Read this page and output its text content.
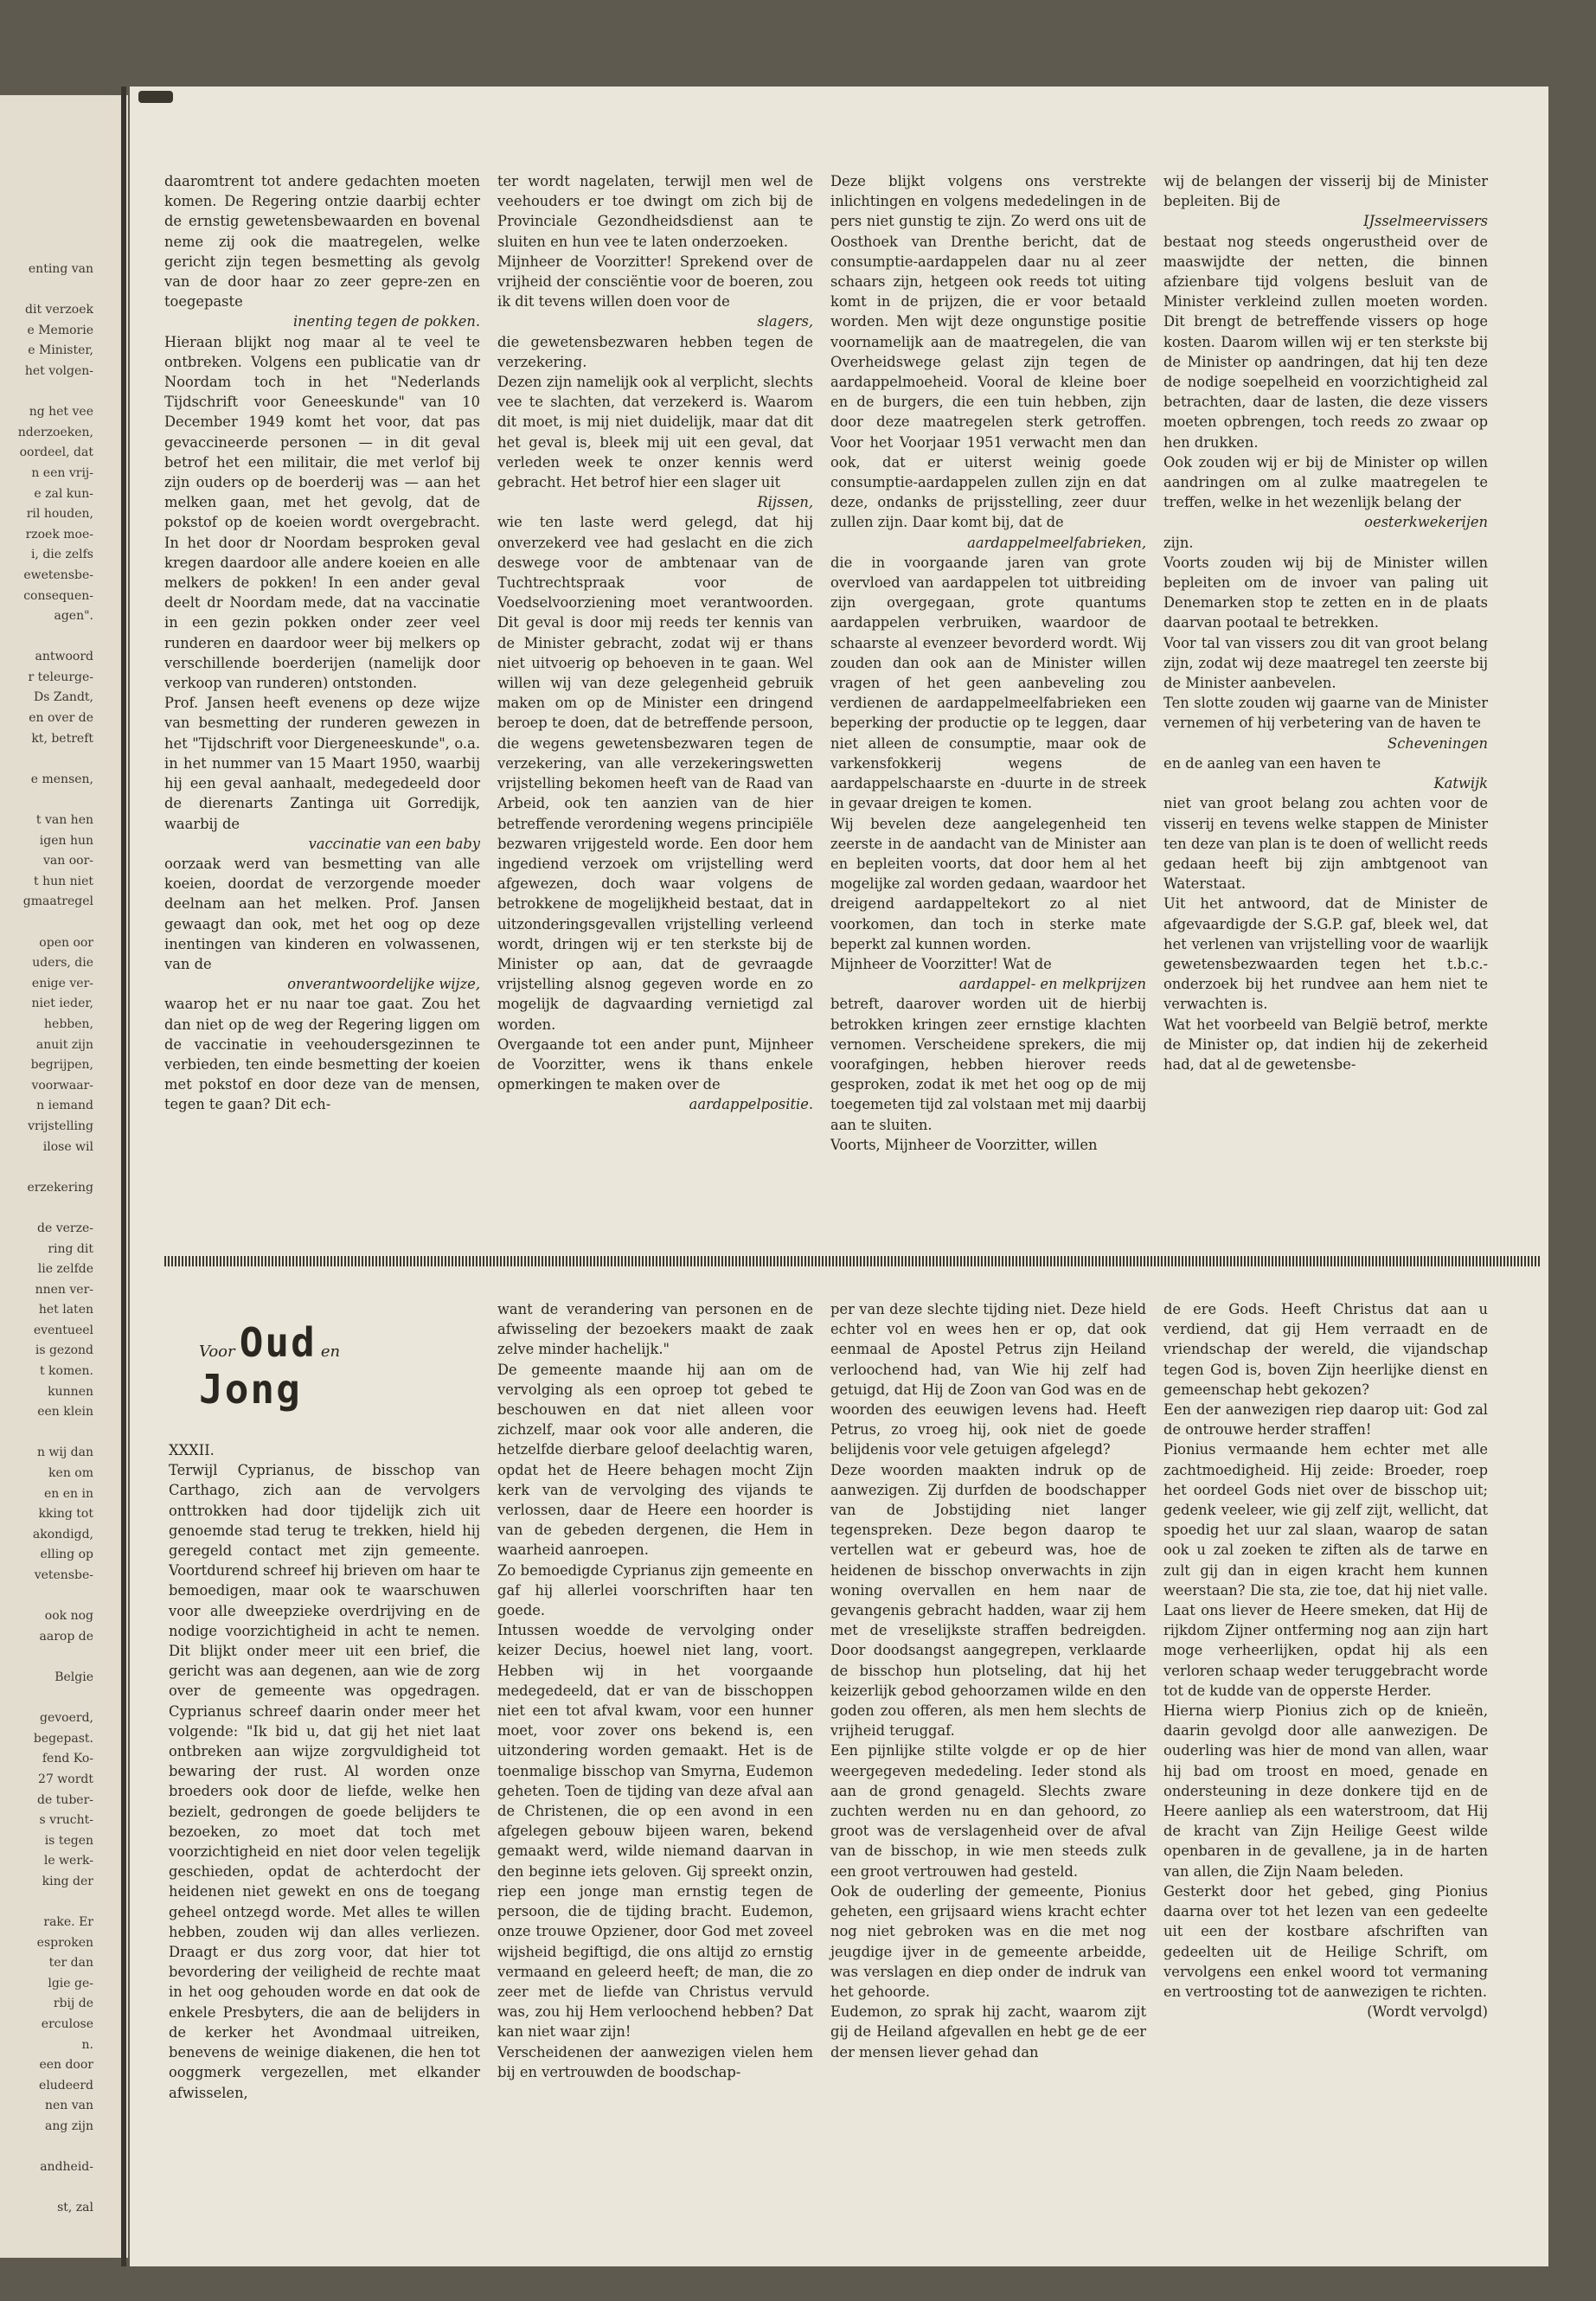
enting van
dit verzoek
e Memorie
e Minister,
het volgen-
ng het vee
nderzoeken,
oordeel, dat
n een vrij-
e zal kun-
ril houden,
rzoek moe-
i, die zelfs
ewetensbe-
consequen-
agen".
antwoord
r teleurge-
Ds Zandt,
en over de
kt, betreft
e mensen,
t van hen
igen hun
van oor-
t hun niet
gmaatregel
open oor
uders, die
enige ver-
niet ieder,
hebben,
anuit zijn
begrijpen,
voorwaar-
n iemand
vrijstelling
ilose wil
erzekering
de verze-
ring dit
lie zelfde
nnen ver-
het laten
eventueel
is gezond
t komen.
kunnen
een klein
n wij dan
ken om
en en in
kking tot
akondigd,
elling op
vetensbe-
ook nog
aarop de
Belgie
gevoerd,
begepast.
fend Ko-
27 wordt
de tuber-
s vrucht-
is tegen
le werk-
king der
rake. Er
esproken
ter dan
lgie ge-
rbij de
erculose
n.
een door
eludeerd
nen van
ang zijn
andheid-
st, zal

daaromtrent tot andere gedachten moeten komen. De Regering ontzie daarbij echter de ernstig gewetensbewaarden en bovenal neme zij ook die maatregelen, welke gericht zijn tegen besmetting als gevolg van de door haar zo zeer gepre-zen en toegepaste

inenting tegen de pokken.

Hieraan blijkt nog maar al te veel te ontbreken. Volgens een publicatie van dr Noordam toch in het "Nederlands Tijdschrift voor Geneeskunde" van 10 December 1949 komt het voor, dat pas gevaccineerde personen — in dit geval betrof het een militair, die met verlof bij zijn ouders op de boerderij was — aan het melken gaan, met het gevolg, dat de pokstof op de koeien wordt overgebracht. In het door dr Noordam besproken geval kregen daardoor alle andere koeien en alle melkers de pokken! In een ander geval deelt dr Noordam mede, dat na vaccinatie in een gezin pokken onder zeer veel runderen en daardoor weer bij melkers op verschillende boerderijen (namelijk door verkoop van runderen) ontstonden.

Prof. Jansen heeft evenens op deze wijze van besmetting der runderen gewezen in het "Tijdschrift voor Diergeneeskunde", o.a. in het nummer van 15 Maart 1950, waarbij hij een geval aanhaalt, medegedeeld door de dierenarts Zantinga uit Gorredijk, waarbij de

vaccinatie van een baby

oorzaak werd van besmetting van alle koeien, doordat de verzorgende moeder deelnam aan het melken. Prof. Jansen gewaagt dan ook, met het oog op deze inentingen van kinderen en volwassenen, van de

onverantwoordelijke wijze,

waarop het er nu naar toe gaat. Zou het dan niet op de weg der Regering liggen om de vaccinatie in veehoudersgezinnen te verbieden, ten einde besmetting der koeien met pokstof en door deze van de mensen, tegen te gaan? Dit ech-

ter wordt nagelaten, terwijl men wel de veehouders er toe dwingt om zich bij de Provinciale Gezondheidsdienst aan te sluiten en hun vee te laten onderzoeken.

Mijnheer de Voorzitter! Sprekend over de vrijheid der consciëntie voor de boeren, zou ik dit tevens willen doen voor de

slagers,

die gewetensbezwaren hebben tegen de verzekering.

Dezen zijn namelijk ook al verplicht, slechts vee te slachten, dat verzekerd is. Waarom dit moet, is mij niet duidelijk, maar dat dit het geval is, bleek mij uit een geval, dat verleden week te onzer kennis werd gebracht. Het betrof hier een slager uit

Rijssen,

wie ten laste werd gelegd, dat hij onverzekerd vee had geslacht en die zich deswege voor de ambtenaar van de Tuchtrechtspraak voor de Voedselvoorziening moet verantwoorden. Dit geval is door mij reeds ter kennis van de Minister gebracht, zodat wij er thans niet uitvoerig op behoeven in te gaan. Wel willen wij van deze gelegenheid gebruik maken om op de Minister een dringend beroep te doen, dat de betreffende persoon, die wegens gewetensbezwaren tegen de verzekering, van alle verzekeringswetten vrijstelling bekomen heeft van de Raad van Arbeid, ook ten aanzien van de hier betreffende verordening wegens principiële bezwaren vrijgesteld worde. Een door hem ingediend verzoek om vrijstelling werd afgewezen, doch waar volgens de betrokkene de mogelijkheid bestaat, dat in uitzonderingsgevallen vrijstelling verleend wordt, dringen wij er ten sterkste bij de Minister op aan, dat de gevraagde vrijstelling alsnog gegeven worde en zo mogelijk de dagvaarding vernietigd zal worden.

Overgaande tot een ander punt, Mijnheer de Voorzitter, wens ik thans enkele opmerkingen te maken over de

aardappelpositie.

Deze blijkt volgens ons verstrekte inlichtingen en volgens mededelingen in de pers niet gunstig te zijn. Zo werd ons uit de Oosthoek van Drenthe bericht, dat de consumptie-aardappelen daar nu al zeer schaars zijn, hetgeen ook reeds tot uiting komt in de prijzen, die er voor betaald worden. Men wijt deze ongunstige positie voornamelijk aan de maatregelen, die van Overheidswege gelast zijn tegen de aardappelmoeheid. Vooral de kleine boer en de burgers, die een tuin hebben, zijn door deze maatregelen sterk getroffen. Voor het Voorjaar 1951 verwacht men dan ook, dat er uiterst weinig goede consumptie-aardappelen zullen zijn en dat deze, ondanks de prijsstelling, zeer duur zullen zijn. Daar komt bij, dat de

aardappelmeelfabrieken,

die in voorgaande jaren van grote overvloed van aardappelen tot uitbreiding zijn overgegaan, grote quantums aardappelen verbruiken, waardoor de schaarste al evenzeer bevorderd wordt. Wij zouden dan ook aan de Minister willen vragen of het geen aanbeveling zou verdienen de aardappelmeelfabrieken een beperking der productie op te leggen, daar niet alleen de consumptie, maar ook de varkensfokkerij wegens de aardappelschaarste en -duurte in de streek in gevaar dreigen te komen.

Wij bevelen deze aangelegenheid ten zeerste in de aandacht van de Minister aan en bepleiten voorts, dat door hem al het mogelijke zal worden gedaan, waardoor het dreigend aardappeltekort zo al niet voorkomen, dan toch in sterke mate beperkt zal kunnen worden.

Mijnheer de Voorzitter! Wat de

aardappel- en melkprijzen

betreft, daarover worden uit de hierbij betrokken kringen zeer ernstige klachten vernomen. Verscheidene sprekers, die mij voorafgingen, hebben hierover reeds gesproken, zodat ik met het oog op de mij toegemeten tijd zal volstaan met mij daarbij aan te sluiten.

Voorts, Mijnheer de Voorzitter, willen

wij de belangen der visserij bij de Minister bepleiten. Bij de

IJsselmeervissers

bestaat nog steeds ongerustheid over de maaswijdte der netten, die binnen afzienbare tijd volgens besluit van de Minister verkleind zullen moeten worden. Dit brengt de betreffende vissers op hoge kosten. Daarom willen wij er ten sterkste bij de Minister op aandringen, dat hij ten deze de nodige soepelheid en voorzichtigheid zal betrachten, daar de lasten, die deze vissers moeten opbrengen, toch reeds zo zwaar op hen drukken.

Ook zouden wij er bij de Minister op willen aandringen om al zulke maatregelen te treffen, welke in het wezenlijk belang der

oesterkwekerijen

zijn.

Voorts zouden wij bij de Minister willen bepleiten om de invoer van paling uit Denemarken stop te zetten en in de plaats daarvan pootaal te betrekken.

Voor tal van vissers zou dit van groot belang zijn, zodat wij deze maatregel ten zeerste bij de Minister aanbevelen.

Ten slotte zouden wij gaarne van de Minister vernemen of hij verbetering van de haven te

Scheveningen

en de aanleg van een haven te

Katwijk

niet van groot belang zou achten voor de visserij en tevens welke stappen de Minister ten deze van plan is te doen of wellicht reeds gedaan heeft bij zijn ambtgenoot van Waterstaat.

Uit het antwoord, dat de Minister de afgevaardigde der S.G.P. gaf, bleek wel, dat het verlenen van vrijstelling voor de waarlijk gewetensbezwaarden tegen het t.b.c.-onderzoek bij het rundvee aan hem niet te verwachten is.

Wat het voorbeeld van België betrof, merkte de Minister op, dat indien hij de zekerheid had, dat al de gewetensbe-

Voor Oud en Jong

XXXII.

Terwijl Cyprianus, de bisschop van Carthago, zich aan de vervolgers onttrokken had door tijdelijk zich uit genoemde stad terug te trekken, hield hij geregeld contact met zijn gemeente. Voortdurend schreef hij brieven om haar te bemoedigen, maar ook te waarschuwen voor alle dweepzieke overdrijving en de nodige voorzichtigheid in acht te nemen. Dit blijkt onder meer uit een brief, die gericht was aan degenen, aan wie de zorg over de gemeente was opgedragen. Cyprianus schreef daarin onder meer het volgende: "Ik bid u, dat gij het niet laat ontbreken aan wijze zorgvuldigheid tot bewaring der rust. Al worden onze broeders ook door de liefde, welke hen bezielt, gedrongen de goede belijders te bezoeken, zo moet dat toch met voorzichtigheid en niet door velen tegelijk geschieden, opdat de achterdocht der heidenen niet gewekt en ons de toegang geheel ontzegd worde. Met alles te willen hebben, zouden wij dan alles verliezen. Draagt er dus zorg voor, dat hier tot bevordering der veiligheid de rechte maat in het oog gehouden worde en dat ook de enkele Presbyters, die aan de belijders in de kerker het Avondmaal uitreiken, benevens de weinige diakenen, die hen tot ooggmerk vergezellen, met elkander afwisselen,

want de verandering van personen en de afwisseling der bezoekers maakt de zaak zelve minder hachelijk."

De gemeente maande hij aan om de vervolging als een oproep tot gebed te beschouwen en dat niet alleen voor zichzelf, maar ook voor alle anderen, die hetzelfde dierbare geloof deelachtig waren, opdat het de Heere behagen mocht Zijn kerk van de vervolging des vijands te verlossen, daar de Heere een hoorder is van de gebeden dergenen, die Hem in waarheid aanroepen.

Zo bemoedigde Cyprianus zijn gemeente en gaf hij allerlei voorschriften haar ten goede.

Intussen woedde de vervolging onder keizer Decius, hoewel niet lang, voort. Hebben wij in het voorgaande medegedeeld, dat er van de bisschoppen niet een tot afval kwam, voor een hunner moet, voor zover ons bekend is, een uitzondering worden gemaakt. Het is de toenmalige bisschop van Smyrna, Eudemon geheten. Toen de tijding van deze afval aan de Christenen, die op een avond in een afgelegen gebouw bijeen waren, bekend gemaakt werd, wilde niemand daarvan in den beginne iets geloven. Gij spreekt onzin, riep een jonge man ernstig tegen de persoon, die de tijding bracht. Eudemon, onze trouwe Opziener, door God met zoveel wijsheid begiftigd, die ons altijd zo ernstig vermaand en geleerd heeft; de man, die zo zeer met de liefde van Christus vervuld was, zou hij Hem verloochend hebben? Dat kan niet waar zijn!

Verscheidenen der aanwezigen vielen hem bij en vertrouwden de boodschap-

per van deze slechte tijding niet. Deze hield echter vol en wees hen er op, dat ook eenmaal de Apostel Petrus zijn Heiland verloochend had, van Wie hij zelf had getuigd, dat Hij de Zoon van God was en de woorden des eeuwigen levens had. Heeft Petrus, zo vroeg hij, ook niet de goede belijdenis voor vele getuigen afgelegd?

Deze woorden maakten indruk op de aanwezigen. Zij durfden de boodschapper van de Jobstijding niet langer tegenspreken. Deze begon daarop te vertellen wat er gebeurd was, hoe de heidenen de bisschop onverwachts in zijn woning overvallen en hem naar de gevangenis gebracht hadden, waar zij hem met de vreselijkste straffen bedreigden. Door doodsangst aangegrepen, verklaarde de bisschop hun plotseling, dat hij het keizerlijk gebod gehoorzamen wilde en den goden zou offeren, als men hem slechts de vrijheid teruggaf.

Een pijnlijke stilte volgde er op de hier weergegeven mededeling. Ieder stond als aan de grond genageld. Slechts zware zuchten werden nu en dan gehoord, zo groot was de verslagenheid over de afval van de bisschop, in wie men steeds zulk een groot vertrouwen had gesteld.

Ook de ouderling der gemeente, Pionius geheten, een grijsaard wiens kracht echter nog niet gebroken was en die met nog jeugdige ijver in de gemeente arbeidde, was verslagen en diep onder de indruk van het gehoorde.

Eudemon, zo sprak hij zacht, waarom zijt gij de Heiland afgevallen en hebt ge de eer der mensen liever gehad dan

de ere Gods. Heeft Christus dat aan u verdiend, dat gij Hem verraadt en de vriendschap der wereld, die vijandschap tegen God is, boven Zijn heerlijke dienst en gemeenschap hebt gekozen?

Een der aanwezigen riep daarop uit: God zal de ontrouwe herder straffen!

Pionius vermaande hem echter met alle zachtmoedigheid. Hij zeide: Broeder, roep het oordeel Gods niet over de bisschop uit; gedenk veeleer, wie gij zelf zijt, wellicht, dat spoedig het uur zal slaan, waarop de satan ook u zal zoeken te ziften als de tarwe en zult gij dan in eigen kracht hem kunnen weerstaan? Die sta, zie toe, dat hij niet valle. Laat ons liever de Heere smeken, dat Hij de rijkdom Zijner ontferming nog aan zijn hart moge verheerlijken, opdat hij als een verloren schaap weder teruggebracht worde tot de kudde van de opperste Herder.

Hierna wierp Pionius zich op de knieën, daarin gevolgd door alle aanwezigen. De ouderling was hier de mond van allen, waar hij bad om troost en moed, genade en ondersteuning in deze donkere tijd en de Heere aanliep als een waterstroom, dat Hij de kracht van Zijn Heilige Geest wilde openbaren in de gevallene, ja in de harten van allen, die Zijn Naam beleden.

Gesterkt door het gebed, ging Pionius daarna over tot het lezen van een gedeelte uit een der kostbare afschriften van gedeelten uit de Heilige Schrift, om vervolgens een enkel woord tot vermaning en vertroosting tot de aanwezigen te richten.

(Wordt vervolgd)
